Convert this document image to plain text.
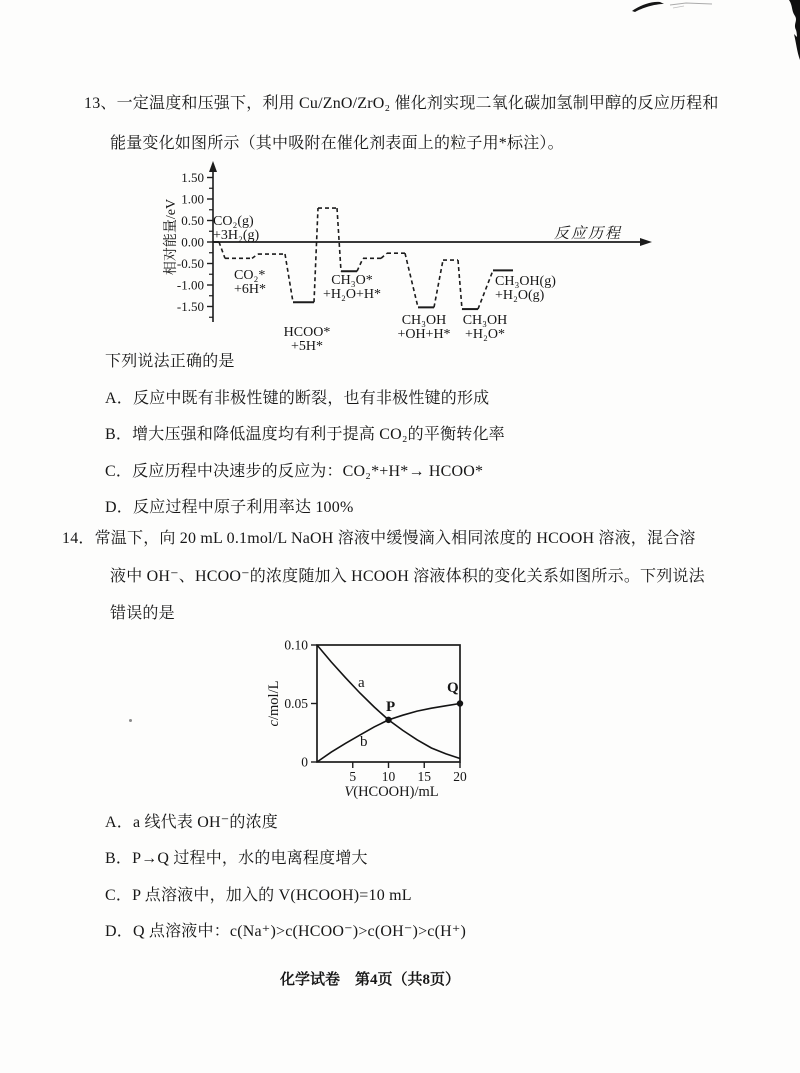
13、一定温度和压强下，利用 Cu/ZnO/ZrO₂ 催化剂实现二氧化碳加氢制甲醇的反应历程和
能量变化如图所示（其中吸附在催化剂表面上的粒子用*标注）。
1.50
1.00
0.50
0.00
-0.50
-1.00
-1.50
相对能量/eV	反应历程
CO₂(g)
+3H₂(g)
CO₂*
+6H*
HCOO*
+5H*
CH₃O*
+H₂O+H*
CH₃OH
+OH+H*
CH₃OH
+H₂O*
CH₃OH(g)
+H₂O(g)
下列说法正确的是
A．反应中既有非极性键的断裂，也有非极性键的形成
B．增大压强和降低温度均有利于提高 CO₂的平衡转化率
C．反应历程中决速步的反应为：CO₂*+H*→ HCOO*
D．反应过程中原子利用率达 100%
14．常温下，向 20 mL 0.1mol/L NaOH 溶液中缓慢滴入相同浓度的 HCOOH 溶液，混合溶
液中 OH⁻、HCOO⁻的浓度随加入 HCOOH 溶液体积的变化关系如图所示。下列说法
错误的是
5 10 15 20
0
0.05
0.10
c/mol/L
V(HCOOH)/mL
a
b
P
Q
A．a 线代表 OH⁻的浓度
B．P→Q 过程中，水的电离程度增大
C．P 点溶液中，加入的 V(HCOOH)=10 mL
D．Q 点溶液中：c(Na⁺)>c(HCOO⁻)>c(OH⁻)>c(H⁺)
化学试卷　第4页（共8页）
